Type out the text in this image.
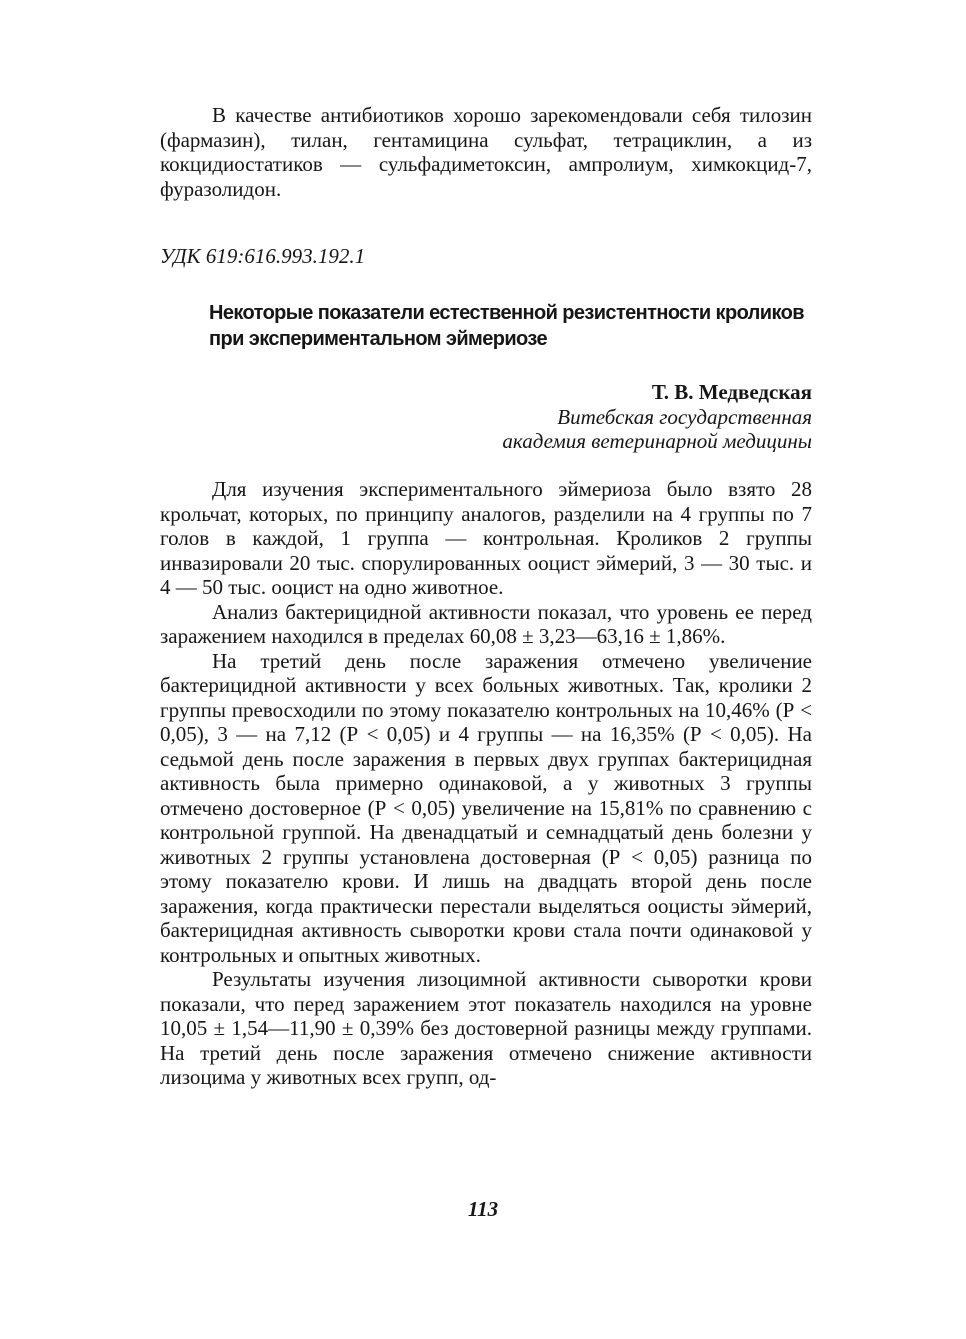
В качестве антибиотиков хорошо зарекомендовали себя тилозин (фармазин), тилан, гентамицина сульфат, тетрациклин, а из кокцидиостатиков — сульфадиметоксин, ампролиум, химкокцид-7, фуразолидон.

УДК 619:616.993.192.1

Некоторые показатели естественной резистентности кроликов при экспериментальном эймериозе
Т. В. Медведская
Витебская государственная
академия ветеринарной медицины

Для изучения экспериментального эймериоза было взято 28 крольчат, которых, по принципу аналогов, разделили на 4 группы по 7 голов в каждой, 1 группа — контрольная. Кроликов 2 группы инвазировали 20 тыс. спорулированных ооцист эймерий, 3 — 30 тыс. и 4 — 50 тыс. ооцист на одно животное.

Анализ бактерицидной активности показал, что уровень ее перед заражением находился в пределах 60,08 ± 3,23—63,16 ± 1,86%.

На третий день после заражения отмечено увеличение бактерицидной активности у всех больных животных. Так, кролики 2 группы превосходили по этому показателю контрольных на 10,46% (Р < 0,05), 3 — на 7,12 (Р < 0,05) и 4 группы — на 16,35% (Р < 0,05). На седьмой день после заражения в первых двух группах бактерицидная активность была примерно одинаковой, а у животных 3 группы отмечено достоверное (Р < 0,05) увеличение на 15,81% по сравнению с контрольной группой. На двенадцатый и семнадцатый день болезни у животных 2 группы установлена достоверная (Р < 0,05) разница по этому показателю крови. И лишь на двадцать второй день после заражения, когда практически перестали выделяться ооцисты эймерий, бактерицидная активность сыворотки крови стала почти одинаковой у контрольных и опытных животных.

Результаты изучения лизоцимной активности сыворотки крови показали, что перед заражением этот показатель находился на уровне 10,05 ± 1,54—11,90 ± 0,39% без достоверной разницы между группами. На третий день после заражения отмечено снижение активности лизоцима у животных всех групп, од-

113
